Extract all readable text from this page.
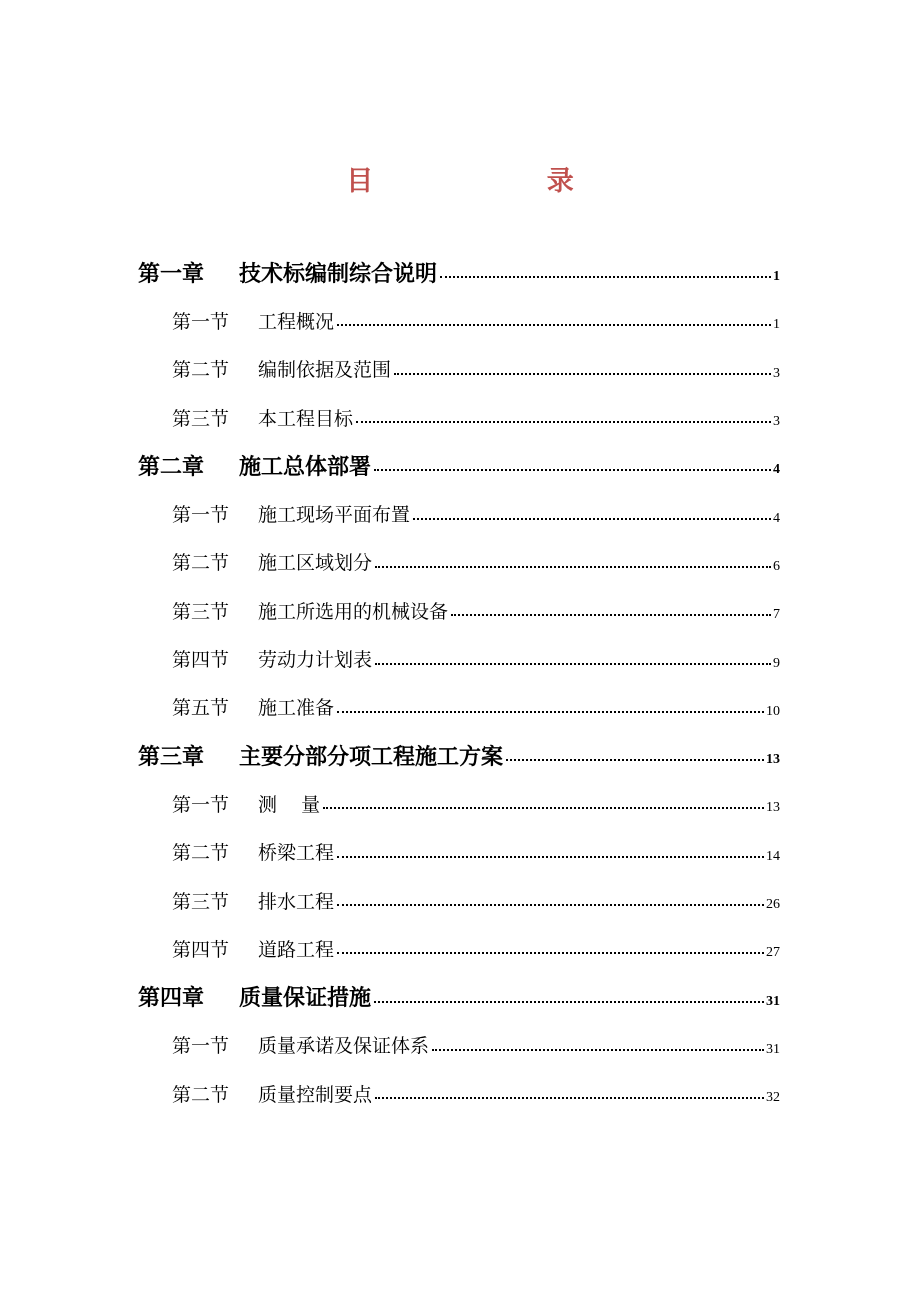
目 录
第一章	技术标编制综合说明	1
第一节	工程概况	1
第二节	编制依据及范围	3
第三节	本工程目标	3
第二章	施工总体部署	4
第一节	施工现场平面布置	4
第二节	施工区域划分	6
第三节	施工所选用的机械设备	7
第四节	劳动力计划表	9
第五节	施工准备	10
第三章	主要分部分项工程施工方案	13
第一节	测    量	13
第二节	桥梁工程	14
第三节	排水工程	26
第四节	道路工程	27
第四章	质量保证措施	31
第一节	质量承诺及保证体系	31
第二节	质量控制要点	32
